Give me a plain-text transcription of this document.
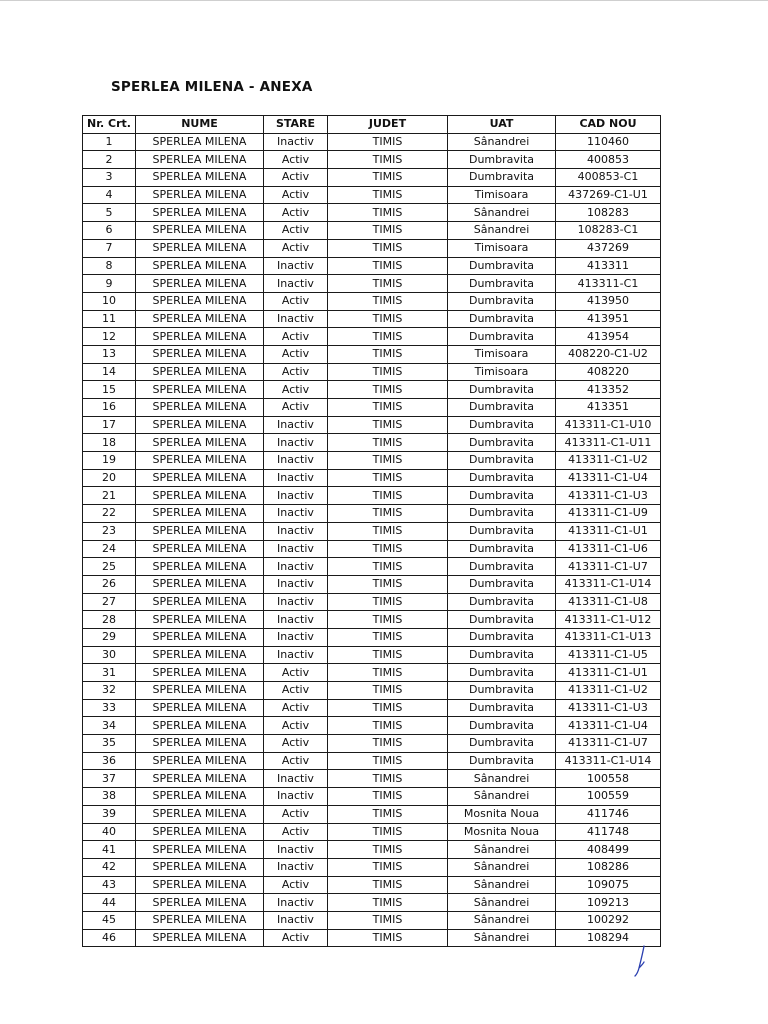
SPERLEA MILENA - ANEXA
Nr. Crt.	NUME	STARE	JUDET	UAT	CAD NOU
1	SPERLEA MILENA	Inactiv	TIMIS	Sânandrei	110460
2	SPERLEA MILENA	Activ	TIMIS	Dumbravita	400853
3	SPERLEA MILENA	Activ	TIMIS	Dumbravita	400853-C1
4	SPERLEA MILENA	Activ	TIMIS	Timisoara	437269-C1-U1
5	SPERLEA MILENA	Activ	TIMIS	Sânandrei	108283
6	SPERLEA MILENA	Activ	TIMIS	Sânandrei	108283-C1
7	SPERLEA MILENA	Activ	TIMIS	Timisoara	437269
8	SPERLEA MILENA	Inactiv	TIMIS	Dumbravita	413311
9	SPERLEA MILENA	Inactiv	TIMIS	Dumbravita	413311-C1
10	SPERLEA MILENA	Activ	TIMIS	Dumbravita	413950
11	SPERLEA MILENA	Inactiv	TIMIS	Dumbravita	413951
12	SPERLEA MILENA	Activ	TIMIS	Dumbravita	413954
13	SPERLEA MILENA	Activ	TIMIS	Timisoara	408220-C1-U2
14	SPERLEA MILENA	Activ	TIMIS	Timisoara	408220
15	SPERLEA MILENA	Activ	TIMIS	Dumbravita	413352
16	SPERLEA MILENA	Activ	TIMIS	Dumbravita	413351
17	SPERLEA MILENA	Inactiv	TIMIS	Dumbravita	413311-C1-U10
18	SPERLEA MILENA	Inactiv	TIMIS	Dumbravita	413311-C1-U11
19	SPERLEA MILENA	Inactiv	TIMIS	Dumbravita	413311-C1-U2
20	SPERLEA MILENA	Inactiv	TIMIS	Dumbravita	413311-C1-U4
21	SPERLEA MILENA	Inactiv	TIMIS	Dumbravita	413311-C1-U3
22	SPERLEA MILENA	Inactiv	TIMIS	Dumbravita	413311-C1-U9
23	SPERLEA MILENA	Inactiv	TIMIS	Dumbravita	413311-C1-U1
24	SPERLEA MILENA	Inactiv	TIMIS	Dumbravita	413311-C1-U6
25	SPERLEA MILENA	Inactiv	TIMIS	Dumbravita	413311-C1-U7
26	SPERLEA MILENA	Inactiv	TIMIS	Dumbravita	413311-C1-U14
27	SPERLEA MILENA	Inactiv	TIMIS	Dumbravita	413311-C1-U8
28	SPERLEA MILENA	Inactiv	TIMIS	Dumbravita	413311-C1-U12
29	SPERLEA MILENA	Inactiv	TIMIS	Dumbravita	413311-C1-U13
30	SPERLEA MILENA	Inactiv	TIMIS	Dumbravita	413311-C1-U5
31	SPERLEA MILENA	Activ	TIMIS	Dumbravita	413311-C1-U1
32	SPERLEA MILENA	Activ	TIMIS	Dumbravita	413311-C1-U2
33	SPERLEA MILENA	Activ	TIMIS	Dumbravita	413311-C1-U3
34	SPERLEA MILENA	Activ	TIMIS	Dumbravita	413311-C1-U4
35	SPERLEA MILENA	Activ	TIMIS	Dumbravita	413311-C1-U7
36	SPERLEA MILENA	Activ	TIMIS	Dumbravita	413311-C1-U14
37	SPERLEA MILENA	Inactiv	TIMIS	Sânandrei	100558
38	SPERLEA MILENA	Inactiv	TIMIS	Sânandrei	100559
39	SPERLEA MILENA	Activ	TIMIS	Mosnita Noua	411746
40	SPERLEA MILENA	Activ	TIMIS	Mosnita Noua	411748
41	SPERLEA MILENA	Inactiv	TIMIS	Sânandrei	408499
42	SPERLEA MILENA	Inactiv	TIMIS	Sânandrei	108286
43	SPERLEA MILENA	Activ	TIMIS	Sânandrei	109075
44	SPERLEA MILENA	Inactiv	TIMIS	Sânandrei	109213
45	SPERLEA MILENA	Inactiv	TIMIS	Sânandrei	100292
46	SPERLEA MILENA	Activ	TIMIS	Sânandrei	108294
